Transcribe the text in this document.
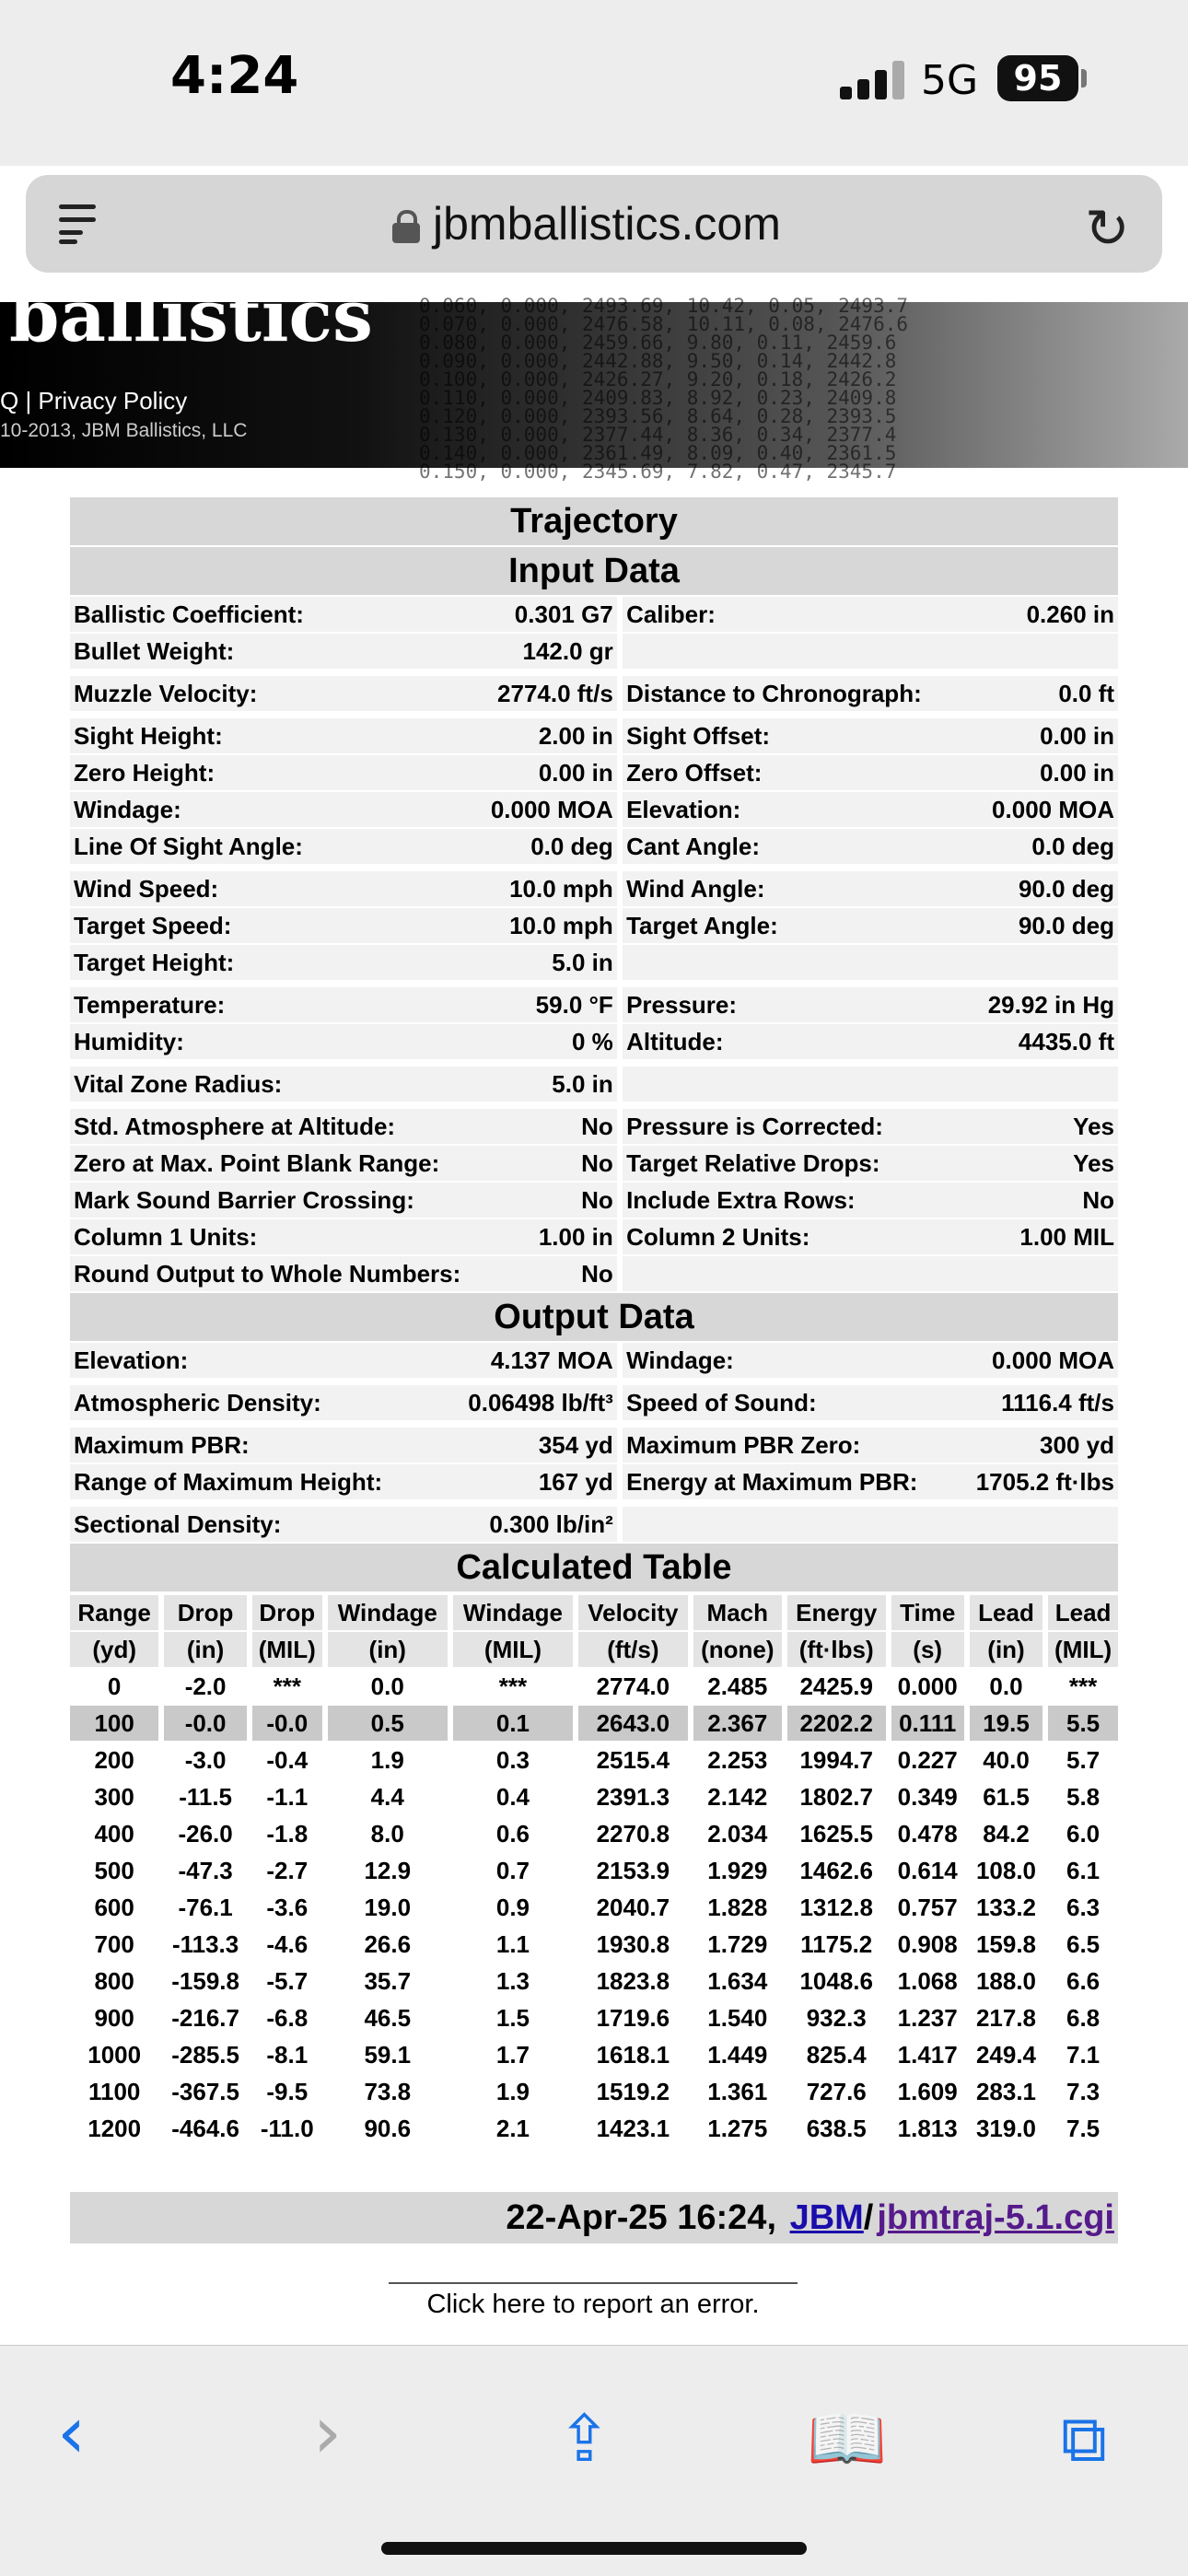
4:24	5G	95
jbmballistics.com	↻
0.060, 0.000, 2493.69, 10.42, 0.05, 2493.7
0.070, 0.000, 2476.58, 10.11, 0.08, 2476.6
0.080, 0.000, 2459.66, 9.80, 0.11, 2459.6
0.090, 0.000, 2442.88, 9.50, 0.14, 2442.8
0.100, 0.000, 2426.27, 9.20, 0.18, 2426.2
0.110, 0.000, 2409.83, 8.92, 0.23, 2409.8
0.120, 0.000, 2393.56, 8.64, 0.28, 2393.5
0.130, 0.000, 2377.44, 8.36, 0.34, 2377.4
0.140, 0.000, 2361.49, 8.09, 0.40, 2361.5
0.150, 0.000, 2345.69, 7.82, 0.47, 2345.7
ballistics
Q | Privacy Policy
10-2013, JBM Ballistics, LLC
Trajectory				
Input Data				
Ballistic Coefficient:	0.301 G7		Caliber:	0.260 in
Bullet Weight:	142.0 gr			

Muzzle Velocity:	2774.0 ft/s		Distance to Chronograph:	0.0 ft

Sight Height:	2.00 in		Sight Offset:	0.00 in
Zero Height:	0.00 in		Zero Offset:	0.00 in
Windage:	0.000 MOA		Elevation:	0.000 MOA
Line Of Sight Angle:	0.0 deg		Cant Angle:	0.0 deg

Wind Speed:	10.0 mph		Wind Angle:	90.0 deg
Target Speed:	10.0 mph		Target Angle:	90.0 deg
Target Height:	5.0 in			

Temperature:	59.0 °F		Pressure:	29.92 in Hg
Humidity:	0 %		Altitude:	4435.0 ft

Vital Zone Radius:	5.0 in			

Std. Atmosphere at Altitude:	No		Pressure is Corrected:	Yes
Zero at Max. Point Blank Range:	No		Target Relative Drops:	Yes
Mark Sound Barrier Crossing:	No		Include Extra Rows:	No
Column 1 Units:	1.00 in		Column 2 Units:	1.00 MIL
Round Output to Whole Numbers:	No			
Output Data				
Elevation:	4.137 MOA		Windage:	0.000 MOA

Atmospheric Density:	0.06498 lb/ft³		Speed of Sound:	1116.4 ft/s

Maximum PBR:	354 yd		Maximum PBR Zero:	300 yd
Range of Maximum Height:	167 yd		Energy at Maximum PBR:	1705.2 ft·lbs

Sectional Density:	0.300 lb/in²			
Calculated Table				
Range	Drop	Drop	Windage	Windage	Velocity	Mach	Energy	Time	Lead	Lead
(yd)	(in)	(MIL)	(in)	(MIL)	(ft/s)	(none)	(ft·lbs)	(s)	(in)	(MIL)
0	-2.0	***	0.0	***	2774.0	2.485	2425.9	0.000	0.0	***
100	-0.0	-0.0	0.5	0.1	2643.0	2.367	2202.2	0.111	19.5	5.5
200	-3.0	-0.4	1.9	0.3	2515.4	2.253	1994.7	0.227	40.0	5.7
300	-11.5	-1.1	4.4	0.4	2391.3	2.142	1802.7	0.349	61.5	5.8
400	-26.0	-1.8	8.0	0.6	2270.8	2.034	1625.5	0.478	84.2	6.0
500	-47.3	-2.7	12.9	0.7	2153.9	1.929	1462.6	0.614	108.0	6.1
600	-76.1	-3.6	19.0	0.9	2040.7	1.828	1312.8	0.757	133.2	6.3
700	-113.3	-4.6	26.6	1.1	1930.8	1.729	1175.2	0.908	159.8	6.5
800	-159.8	-5.7	35.7	1.3	1823.8	1.634	1048.6	1.068	188.0	6.6
900	-216.7	-6.8	46.5	1.5	1719.6	1.540	932.3	1.237	217.8	6.8
1000	-285.5	-8.1	59.1	1.7	1618.1	1.449	825.4	1.417	249.4	7.1
1100	-367.5	-9.5	73.8	1.9	1519.2	1.361	727.6	1.609	283.1	7.3
1200	-464.6	-11.0	90.6	2.1	1423.1	1.275	638.5	1.813	319.0	7.5
22-Apr-25 16:24, JBM/ jbmtraj-5.1.cgi
Click here to report an error.
‹	›	⇪	📖	⧉
